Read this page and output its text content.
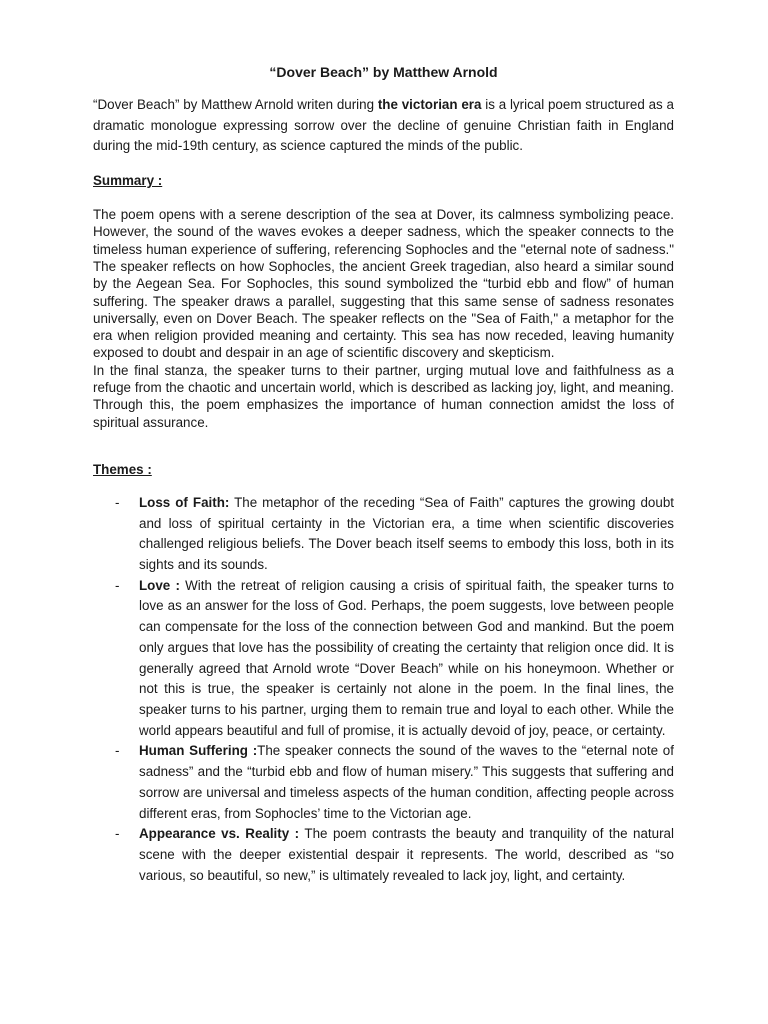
“Dover Beach” by Matthew Arnold

“Dover Beach” by Matthew Arnold writen during the victorian era is a lyrical poem structured as a dramatic monologue expressing sorrow over the decline of genuine Christian faith in England during the mid-19th century, as science captured the minds of the public.

Summary :

The poem opens with a serene description of the sea at Dover, its calmness symbolizing peace. However, the sound of the waves evokes a deeper sadness, which the speaker connects to the timeless human experience of suffering, referencing Sophocles and the "eternal note of sadness." The speaker reflects on how Sophocles, the ancient Greek tragedian, also heard a similar sound by the Aegean Sea. For Sophocles, this sound symbolized the “turbid ebb and flow” of human suffering. The speaker draws a parallel, suggesting that this same sense of sadness resonates universally, even on Dover Beach. The speaker reflects on the "Sea of Faith," a metaphor for the era when religion provided meaning and certainty. This sea has now receded, leaving humanity exposed to doubt and despair in an age of scientific discovery and skepticism.

In the final stanza, the speaker turns to their partner, urging mutual love and faithfulness as a refuge from the chaotic and uncertain world, which is described as lacking joy, light, and meaning. Through this, the poem emphasizes the importance of human connection amidst the loss of spiritual assurance.

Themes :
- Loss of Faith: The metaphor of the receding “Sea of Faith” captures the growing doubt and loss of spiritual certainty in the Victorian era, a time when scientific discoveries challenged religious beliefs. The Dover beach itself seems to embody this loss, both in its sights and its sounds.
- Love : With the retreat of religion causing a crisis of spiritual faith, the speaker turns to love as an answer for the loss of God. Perhaps, the poem suggests, love between people can compensate for the loss of the connection between God and mankind. But the poem only argues that love has the possibility of creating the certainty that religion once did. It is generally agreed that Arnold wrote “Dover Beach” while on his honeymoon. Whether or not this is true, the speaker is certainly not alone in the poem. In the final lines, the speaker turns to his partner, urging them to remain true and loyal to each other. While the world appears beautiful and full of promise, it is actually devoid of joy, peace, or certainty.
- Human Suffering :The speaker connects the sound of the waves to the “eternal note of sadness” and the “turbid ebb and flow of human misery.” This suggests that suffering and sorrow are universal and timeless aspects of the human condition, affecting people across different eras, from Sophocles’ time to the Victorian age.
- Appearance vs. Reality : The poem contrasts the beauty and tranquility of the natural scene with the deeper existential despair it represents. The world, described as “so various, so beautiful, so new,” is ultimately revealed to lack joy, light, and certainty.
